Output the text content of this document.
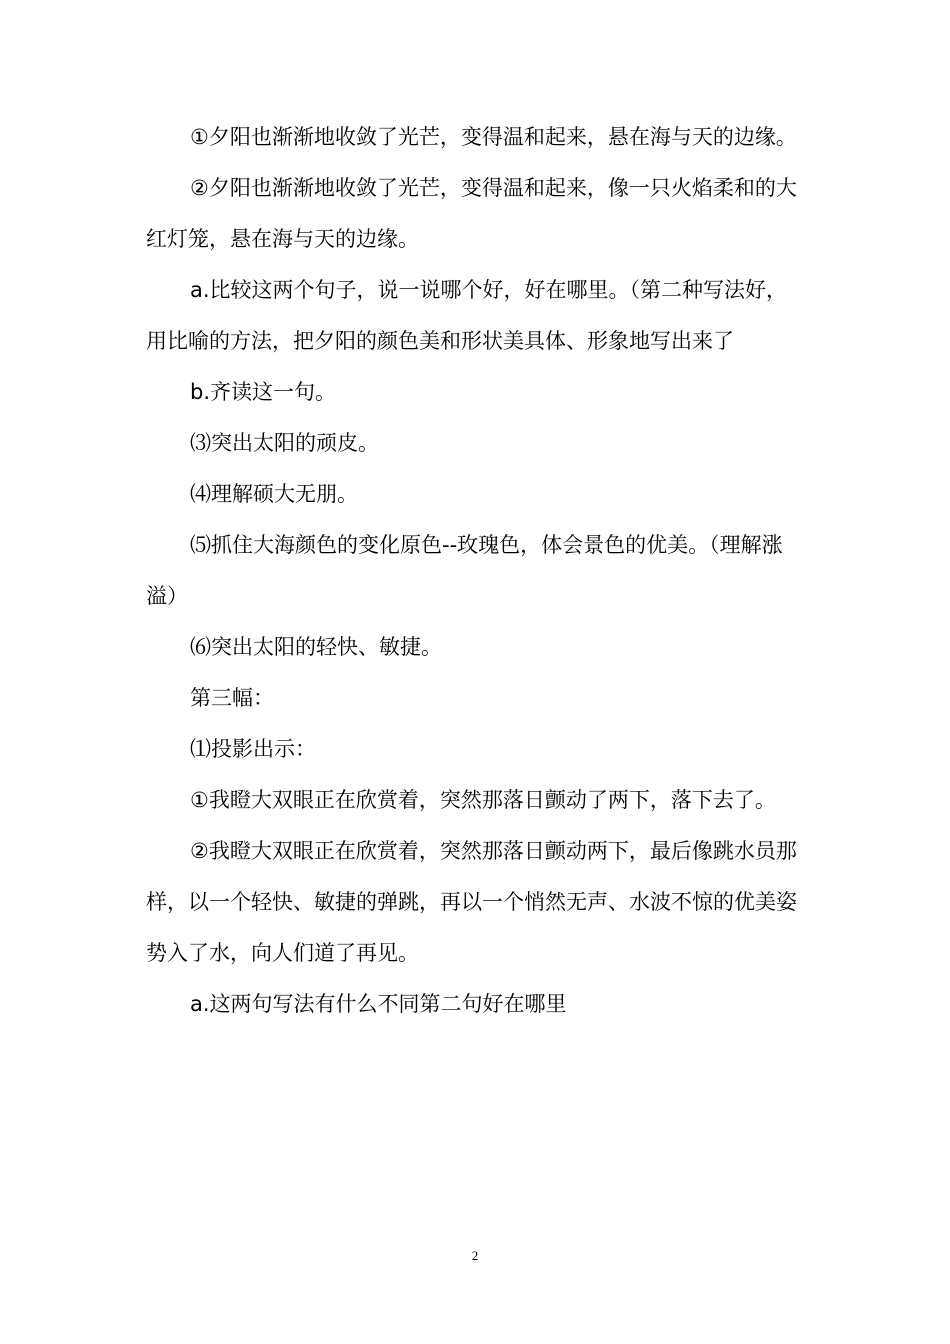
①夕阳也渐渐地收敛了光芒，变得温和起来，悬在海与天的边缘。

②夕阳也渐渐地收敛了光芒，变得温和起来，像一只火焰柔和的大红灯笼，悬在海与天的边缘。

a.比较这两个句子，说一说哪个好，好在哪里。（第二种写法好，用比喻的方法，把夕阳的颜色美和形状美具体、形象地写出来了

b.齐读这一句。

⑶突出太阳的顽皮。

⑷理解硕大无朋。

⑸抓住大海颜色的变化原色--玫瑰色，体会景色的优美。（理解涨溢）

⑹突出太阳的轻快、敏捷。

第三幅：

⑴投影出示：

①我瞪大双眼正在欣赏着，突然那落日颤动了两下，落下去了。

②我瞪大双眼正在欣赏着，突然那落日颤动两下，最后像跳水员那样，以一个轻快、敏捷的弹跳，再以一个悄然无声、水波不惊的优美姿势入了水，向人们道了再见。

a.这两句写法有什么不同第二句好在哪里

2
